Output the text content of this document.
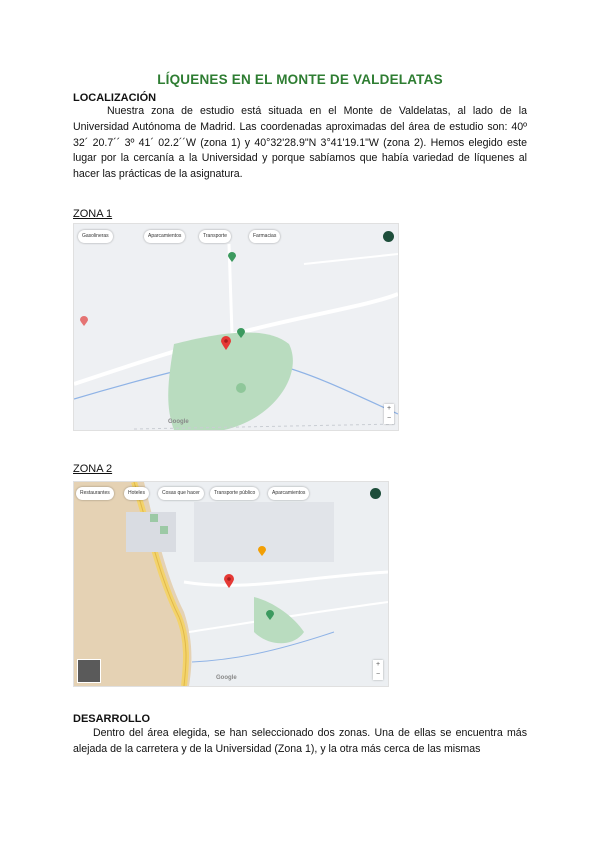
LÍQUENES EN EL MONTE DE VALDELATAS
LOCALIZACIÓN

Nuestra zona de estudio está situada en el Monte de Valdelatas, al lado de la Universidad Autónoma de Madrid. Las coordenadas aproximadas del área de estudio son: 40º 32´ 20.7´´ 3º 41´ 02.2´´W (zona 1) y 40°32'28.9"N 3°41'19.1"W (zona 2). Hemos elegido este lugar por la cercanía a la Universidad y porque sabíamos que había variedad de líquenes al hacer las prácticas de la asignatura.

ZONA 1
Gasolineras	Aparcamientos	Transporte	Farmacias
Google
+
−
ZONA 2
Restaurantes	Hoteles	Cosas que hacer	Transporte público	Aparcamientos
Google
+
−
DESARROLLO

Dentro del área elegida, se han seleccionado dos zonas. Una de ellas se encuentra más alejada de la carretera y de la Universidad (Zona 1), y la otra más cerca de las mismas
